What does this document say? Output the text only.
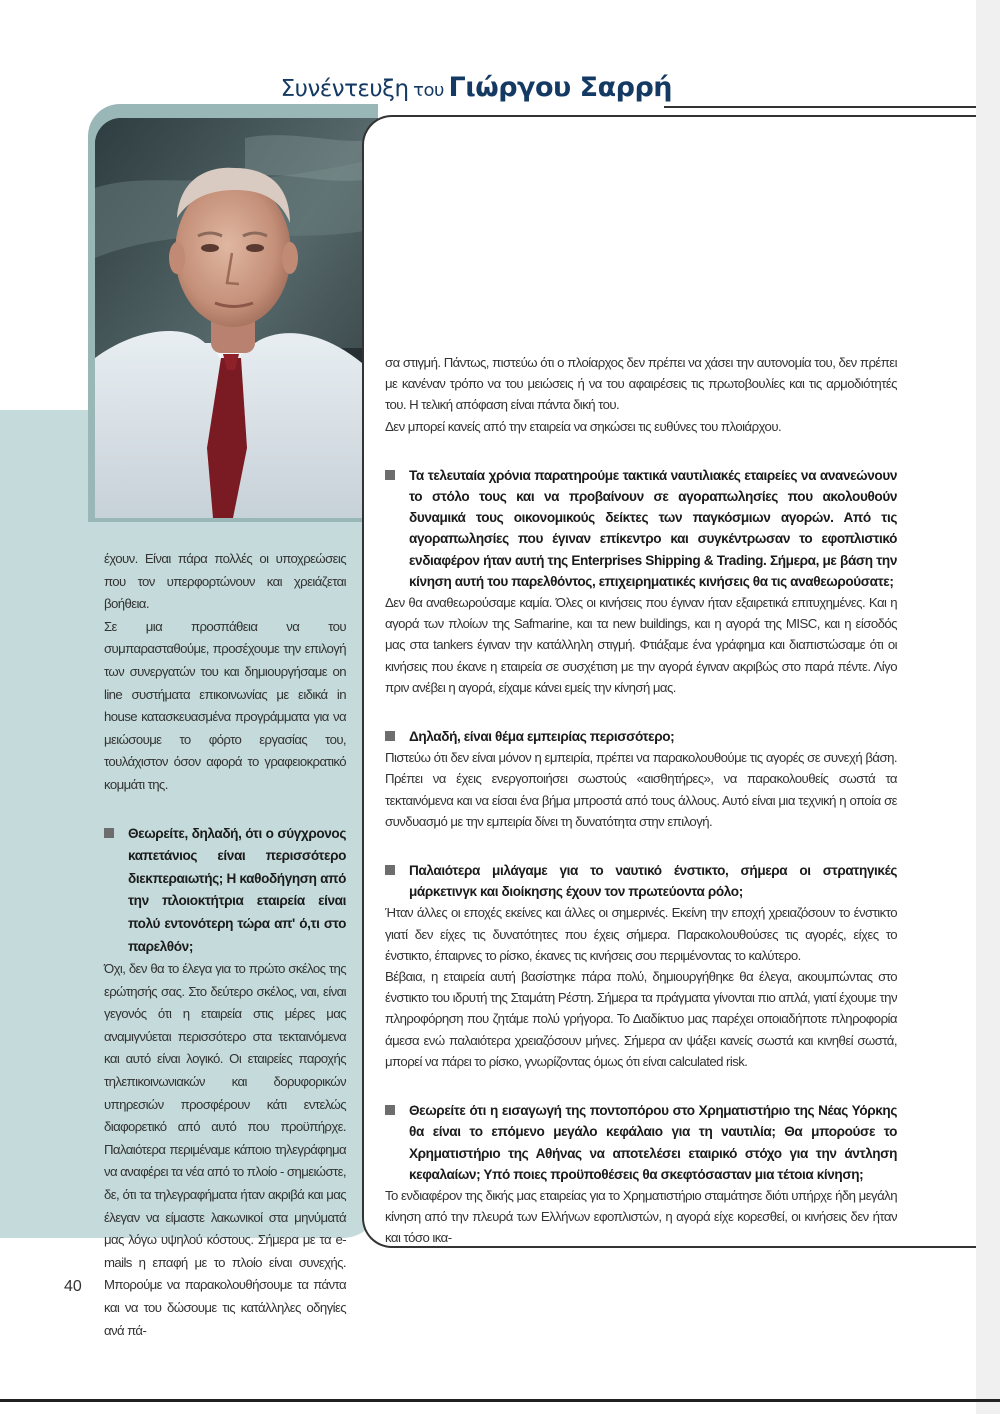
Συνέντευξη του Γιώργου Σαρρή

έχουν. Είναι πάρα πολλές οι υποχρεώσεις που τον υπερφορτώνουν και χρειάζεται βοήθεια.

Σε μια προσπάθεια να του συμπαρασταθούμε, προσέχουμε την επιλογή των συνεργατών του και δημιουργήσαμε on line συστήματα επικοινωνίας με ειδικά in house κατασκευασμένα προγράμματα για να μειώσουμε το φόρτο εργασίας του, τουλάχιστον όσον αφορά το γραφειοκρατικό κομμάτι της.

Θεωρείτε, δηλαδή, ότι ο σύγχρονος καπετάνιος είναι περισσότερο διεκπεραιωτής; Η καθοδήγηση από την πλοιοκτήτρια εταιρεία είναι πολύ εντονότερη τώρα απ' ό,τι στο παρελθόν;

Όχι, δεν θα το έλεγα για το πρώτο σκέλος της ερώτησής σας. Στο δεύτερο σκέλος, ναι, είναι γεγονός ότι η εταιρεία στις μέρες μας αναμιγνύεται περισσότερο στα τεκταινόμενα και αυτό είναι λογικό. Οι εταιρείες παροχής τηλεπικοινωνιακών και δορυφορικών υπηρεσιών προσφέρουν κάτι εντελώς διαφορετικό από αυτό που προϋπήρχε. Παλαιότερα περιμέναμε κάποιο τηλεγράφημα να αναφέρει τα νέα από το πλοίο - σημειώστε, δε, ότι τα τηλεγραφήματα ήταν ακριβά και μας έλεγαν να είμαστε λακωνικοί στα μηνύματά μας λόγω υψηλού κόστους. Σήμερα με τα e-mails η επαφή με το πλοίο είναι συνεχής. Μπορούμε να παρακολουθήσουμε τα πάντα και να του δώσουμε τις κατάλληλες οδηγίες ανά πά-

σα στιγμή. Πάντως, πιστεύω ότι ο πλοίαρχος δεν πρέπει να χάσει την αυτονομία του, δεν πρέπει με κανέναν τρόπο να του μειώσεις ή να του αφαιρέσεις τις πρωτοβουλίες και τις αρμοδιότητές του. Η τελική απόφαση είναι πάντα δική του.

Δεν μπορεί κανείς από την εταιρεία να σηκώσει τις ευθύνες του πλοιάρχου.

Τα τελευταία χρόνια παρατηρούμε τακτικά ναυτιλιακές εταιρείες να ανανεώνουν το στόλο τους και να προβαίνουν σε αγοραπωλησίες που ακολουθούν δυναμικά τους οικονομικούς δείκτες των παγκόσμιων αγορών. Από τις αγοραπωλησίες που έγιναν επίκεντρο και συγκέντρωσαν το εφοπλιστικό ενδιαφέρον ήταν αυτή της Enterprises Shipping & Trading. Σήμερα, με βάση την κίνηση αυτή του παρελθόντος, επιχειρηματικές κινήσεις θα τις αναθεωρούσατε;

Δεν θα αναθεωρούσαμε καμία. Όλες οι κινήσεις που έγιναν ήταν εξαιρετικά επιτυχημένες. Και η αγορά των πλοίων της Safmarine, και τα new buildings, και η αγορά της MISC, και η είσοδός μας στα tankers έγιναν την κατάλληλη στιγμή. Φτιάξαμε ένα γράφημα και διαπιστώσαμε ότι οι κινήσεις που έκανε η εταιρεία σε συσχέτιση με την αγορά έγιναν ακριβώς στο παρά πέντε. Λίγο πριν ανέβει η αγορά, είχαμε κάνει εμείς την κίνησή μας.

Δηλαδή, είναι θέμα εμπειρίας περισσότερο;

Πιστεύω ότι δεν είναι μόνον η εμπειρία, πρέπει να παρακολουθούμε τις αγορές σε συνεχή βάση. Πρέπει να έχεις ενεργοποιήσει σωστούς «αισθητήρες», να παρακολουθείς σωστά τα τεκταινόμενα και να είσαι ένα βήμα μπροστά από τους άλλους. Αυτό είναι μια τεχνική η οποία σε συνδυασμό με την εμπειρία δίνει τη δυνατότητα στην επιλογή.

Παλαιότερα μιλάγαμε για το ναυτικό ένστικτο, σήμερα οι στρατηγικές μάρκετινγκ και διοίκησης έχουν τον πρωτεύοντα ρόλο;

Ήταν άλλες οι εποχές εκείνες και άλλες οι σημερινές. Εκείνη την εποχή χρειαζόσουν το ένστικτο γιατί δεν είχες τις δυνατότητες που έχεις σήμερα. Παρακολουθούσες τις αγορές, είχες το ένστικτο, έπαιρνες το ρίσκο, έκανες τις κινήσεις σου περιμένοντας το καλύτερο.

Βέβαια, η εταιρεία αυτή βασίστηκε πάρα πολύ, δημιουργήθηκε θα έλεγα, ακουμπώντας στο ένστικτο του ιδρυτή της Σταμάτη Ρέστη. Σήμερα τα πράγματα γίνονται πιο απλά, γιατί έχουμε την πληροφόρηση που ζητάμε πολύ γρήγορα. Το Διαδίκτυο μας παρέχει οποιαδήποτε πληροφορία άμεσα ενώ παλαιότερα χρειαζόσουν μήνες. Σήμερα αν ψάξει κανείς σωστά και κινηθεί σωστά, μπορεί να πάρει το ρίσκο, γνωρίζοντας όμως ότι είναι calculated risk.

Θεωρείτε ότι η εισαγωγή της ποντοπόρου στο Χρηματιστήριο της Νέας Υόρκης θα είναι το επόμενο μεγάλο κεφάλαιο για τη ναυτιλία; Θα μπορούσε το Χρηματιστήριο της Αθήνας να αποτελέσει εταιρικό στόχο για την άντληση κεφαλαίων; Υπό ποιες προϋποθέσεις θα σκεφτόσασταν μια τέτοια κίνηση;

Το ενδιαφέρον της δικής μας εταιρείας για το Χρηματιστήριο σταμάτησε διότι υπήρχε ήδη μεγάλη κίνηση από την πλευρά των Ελλήνων εφοπλιστών, η αγορά είχε κορεσθεί, οι κινήσεις δεν ήταν και τόσο ικα-

40
